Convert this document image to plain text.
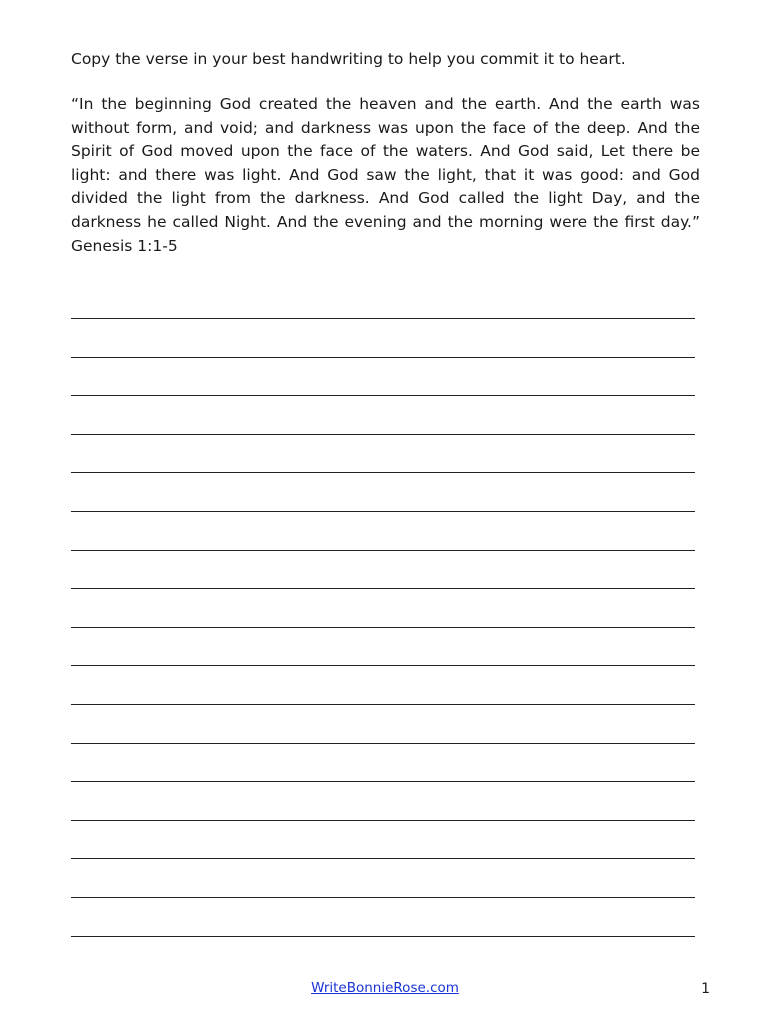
Copy the verse in your best handwriting to help you commit it to heart.
“In the beginning God created the heaven and the earth. And the earth was without form, and void; and darkness was upon the face of the deep. And the Spirit of God moved upon the face of the waters. And God said, Let there be light: and there was light. And God saw the light, that it was good: and God divided the light from the darkness. And God called the light Day, and the darkness he called Night. And the evening and the morning were the first day.” Genesis 1:1-5
WriteBonnieRose.com	1
